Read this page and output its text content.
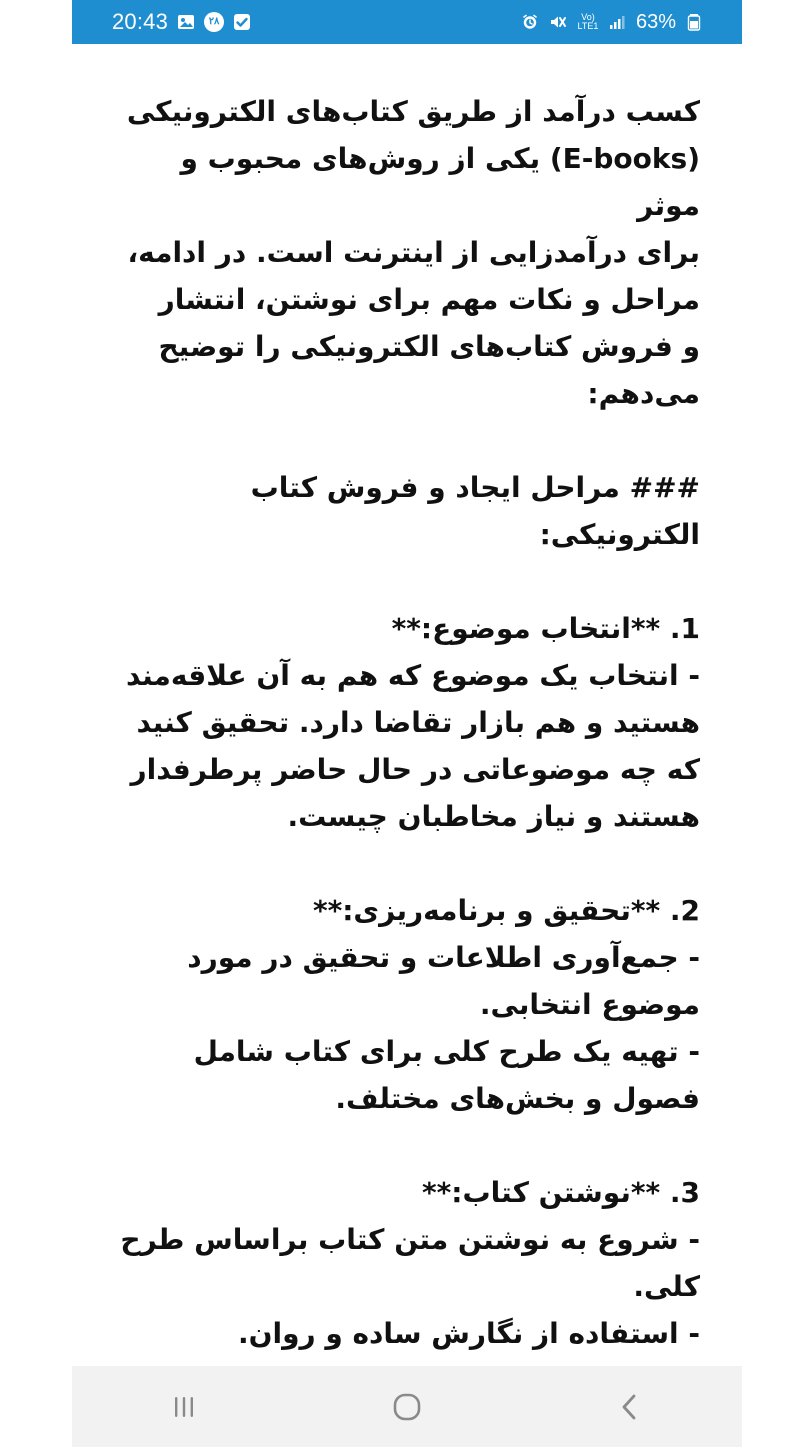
20:43	۲۸	Vo)
LTE1 63%

کسب درآمد از طریق کتاب‌های الکترونیکی
(E-books) یکی از روش‌های محبوب و موثر
برای درآمدزایی از اینترنت است. در ادامه،
مراحل و نکات مهم برای نوشتن، انتشار
و فروش کتاب‌های الکترونیکی را توضیح
می‌دهم:

### مراحل ایجاد و فروش کتاب الکترونیکی:

1. **انتخاب موضوع:**

- انتخاب یک موضوع که هم به آن علاقه‌مند
هستید و هم بازار تقاضا دارد. تحقیق کنید
که چه موضوعاتی در حال حاضر پرطرفدار
هستند و نیاز مخاطبان چیست.

2. **تحقیق و برنامه‌ریزی:**

- جمع‌آوری اطلاعات و تحقیق در مورد
موضوع انتخابی.
- تهیه یک طرح کلی برای کتاب شامل
فصول و بخش‌های مختلف.

3. **نوشتن کتاب:**

- شروع به نوشتن متن کتاب براساس طرح
کلی.
- استفاده از نگارش ساده و روان.
